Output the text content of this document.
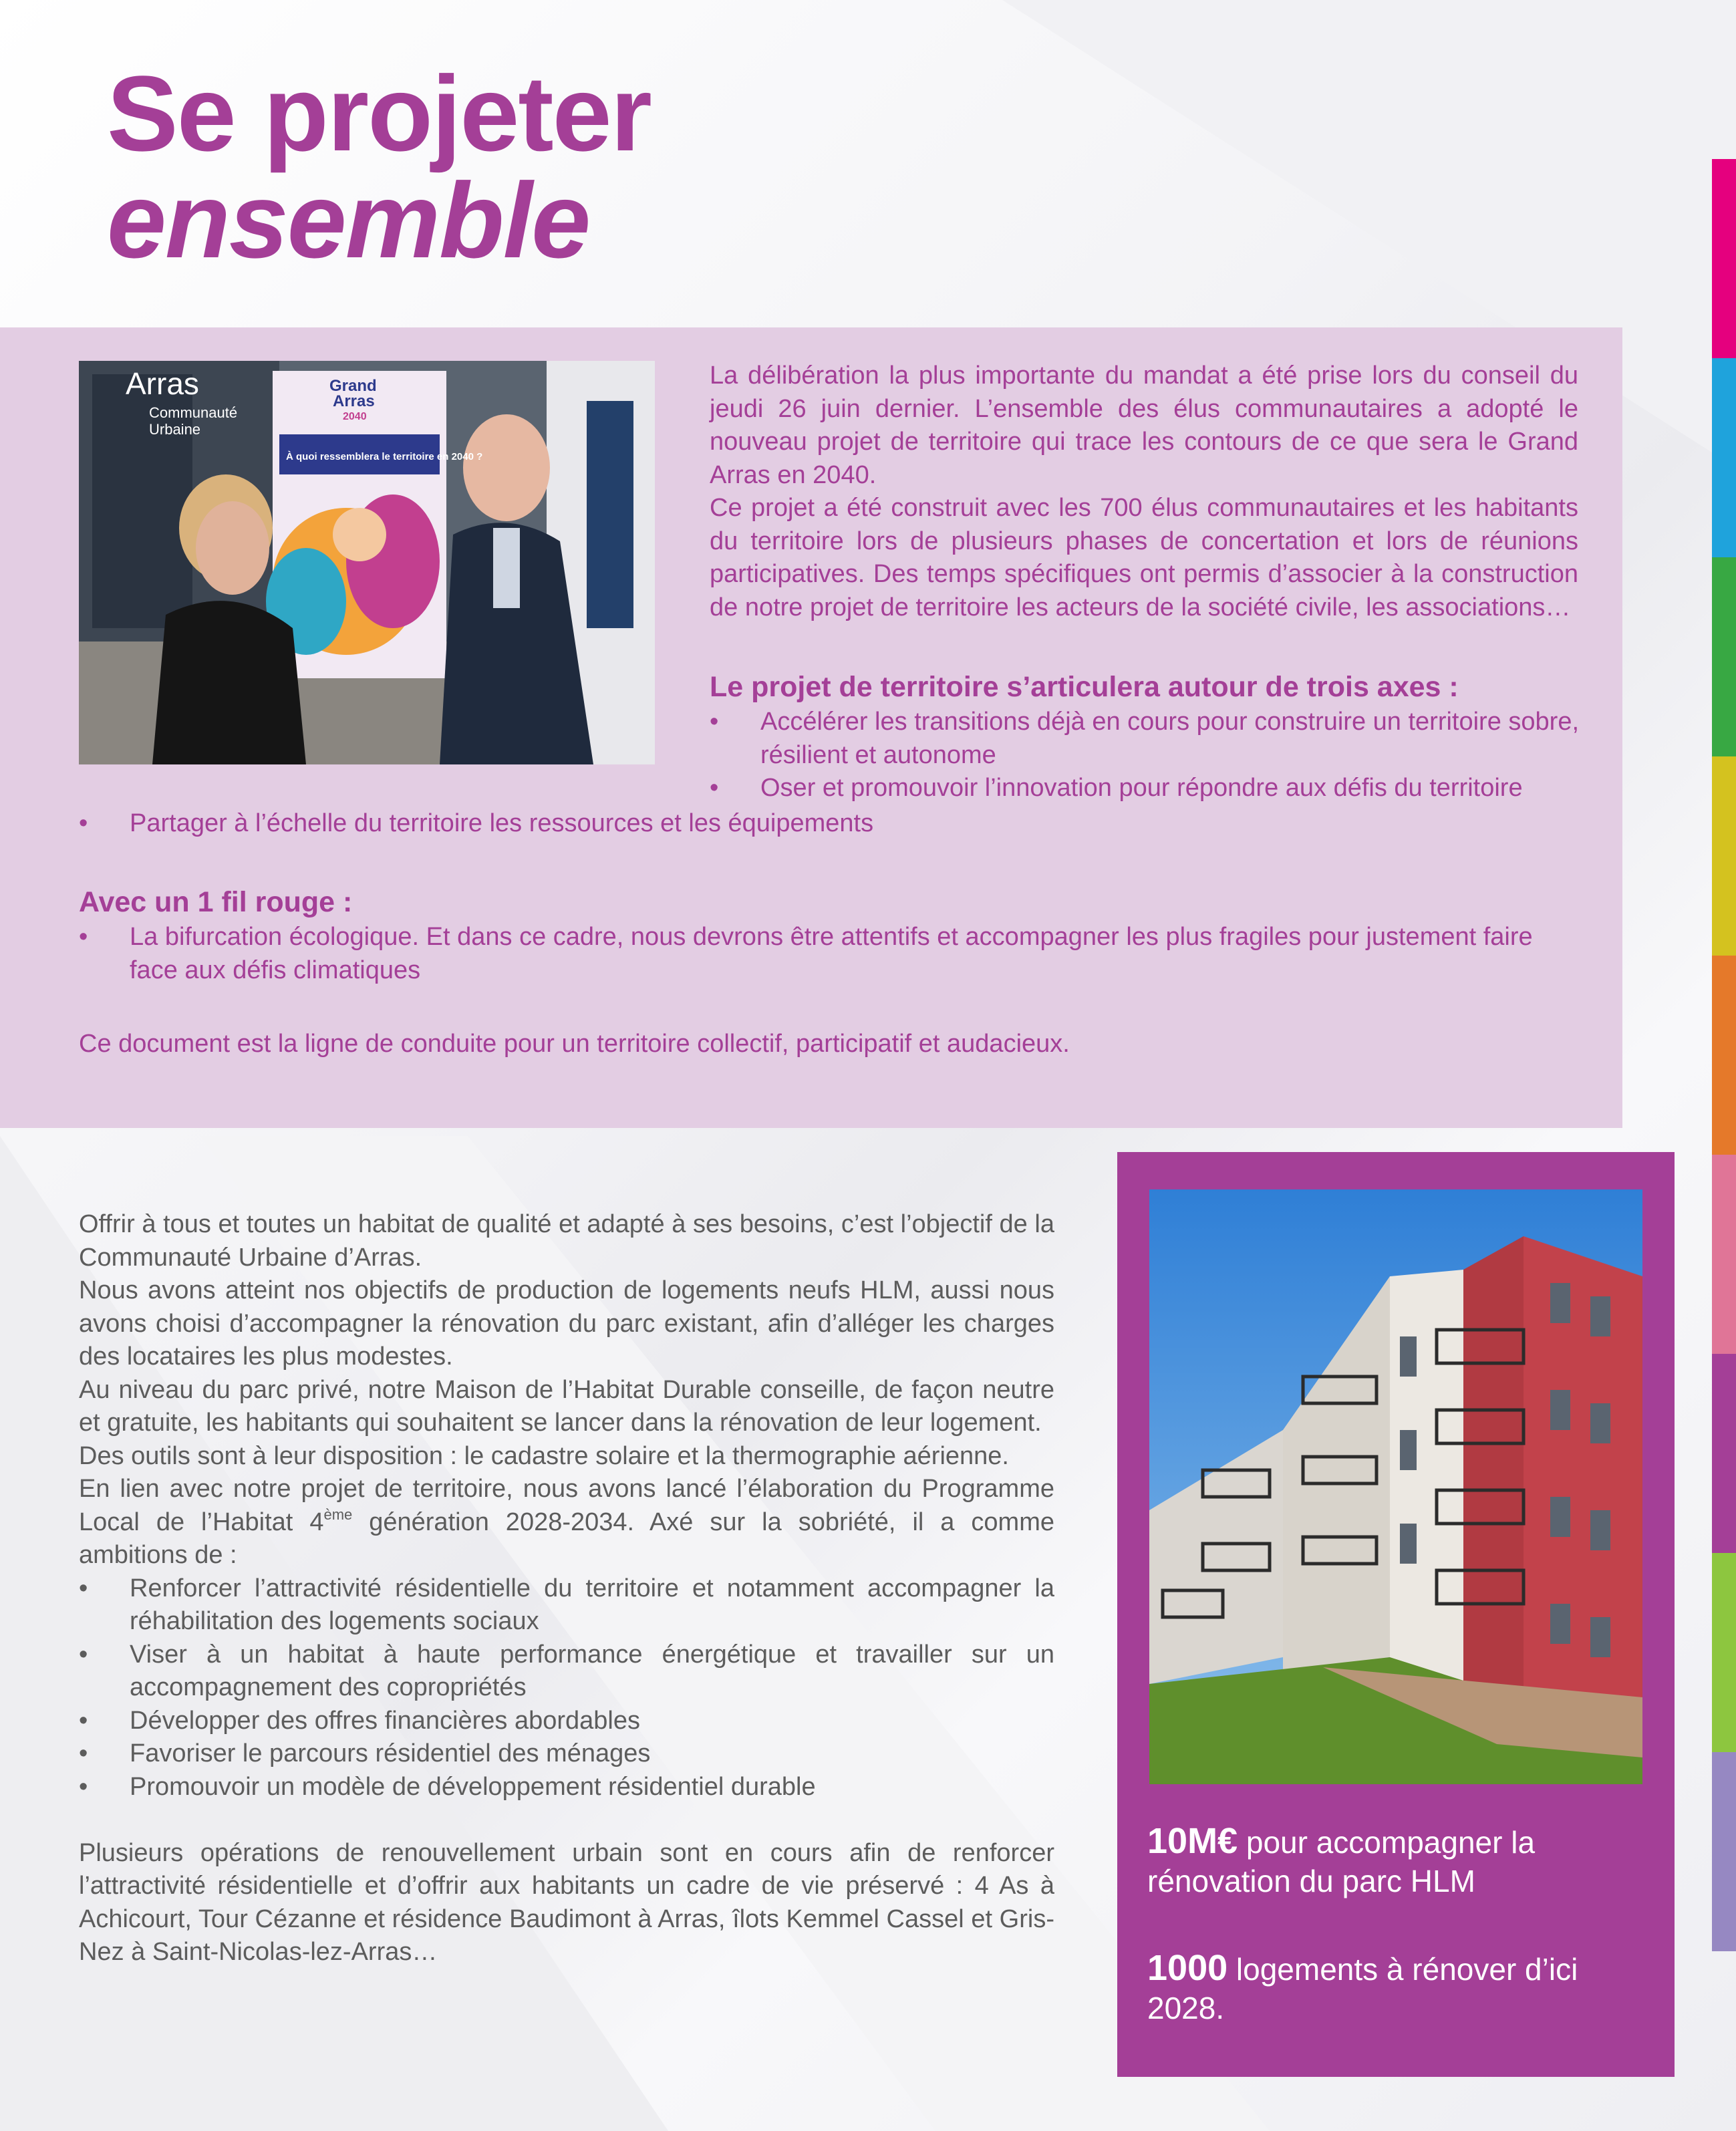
Se projeter
ensemble
Arras
Communauté
Urbaine
Grand
Arras
2040
À quoi ressemblera le territoire en 2040 ?

La délibération la plus importante du mandat a été prise lors du conseil du jeudi 26 juin dernier. L’ensemble des élus communautaires a adopté le nouveau projet de territoire qui trace les contours de ce que sera le Grand Arras en 2040.

Ce projet a été construit avec les 700 élus communautaires et les habitants du territoire lors de plusieurs phases de concertation et lors de réunions participatives. Des temps spécifiques ont permis d’associer à la construction de notre projet de territoire les acteurs de la société civile, les associations…

Le projet de territoire s’articulera autour de trois axes :
• Accélérer les transitions déjà en cours pour construire un territoire sobre, résilient et autonome
• Oser et promouvoir l’innovation pour répondre aux défis du territoire
• Partager à l’échelle du territoire les ressources et les équipements
Avec un 1 fil rouge :
• La bifurcation écologique. Et dans ce cadre, nous devrons être attentifs et accompagner les plus fragiles pour justement faire face aux défis climatiques

Ce document est la ligne de conduite pour un territoire collectif, participatif et audacieux.

Offrir à tous et toutes un habitat de qualité et adapté à ses besoins, c’est l’objectif de la Communauté Urbaine d’Arras.

Nous avons atteint nos objectifs de production de logements neufs HLM, aussi nous avons choisi d’accompagner la rénovation du parc existant, afin d’alléger les charges des locataires les plus modestes.

Au niveau du parc privé, notre Maison de l’Habitat Durable conseille, de façon neutre et gratuite, les habitants qui souhaitent se lancer dans la rénovation de leur logement.

Des outils sont à leur disposition : le cadastre solaire et la thermographie aérienne.

En lien avec notre projet de territoire, nous avons lancé l’élaboration du Programme Local de l’Habitat 4ème génération 2028-2034. Axé sur la sobriété, il a comme ambitions de :

• Renforcer l’attractivité résidentielle du territoire et notamment accompagner la réhabilitation des logements sociaux
• Viser à un habitat à haute performance énergétique et travailler sur un accompagnement des copropriétés
• Développer des offres financières abordables
• Favoriser le parcours résidentiel des ménages
• Promouvoir un modèle de développement résidentiel durable

Plusieurs opérations de renouvellement urbain sont en cours afin de renforcer l’attractivité résidentielle et d’offrir aux habitants un cadre de vie préservé : 4 As à Achicourt, Tour Cézanne et résidence Baudimont à Arras, îlots Kemmel Cassel et Gris-Nez à Saint-Nicolas-lez-Arras…

10M€ pour accompagner la rénovation du parc HLM
1000 logements à rénover d’ici 2028.
